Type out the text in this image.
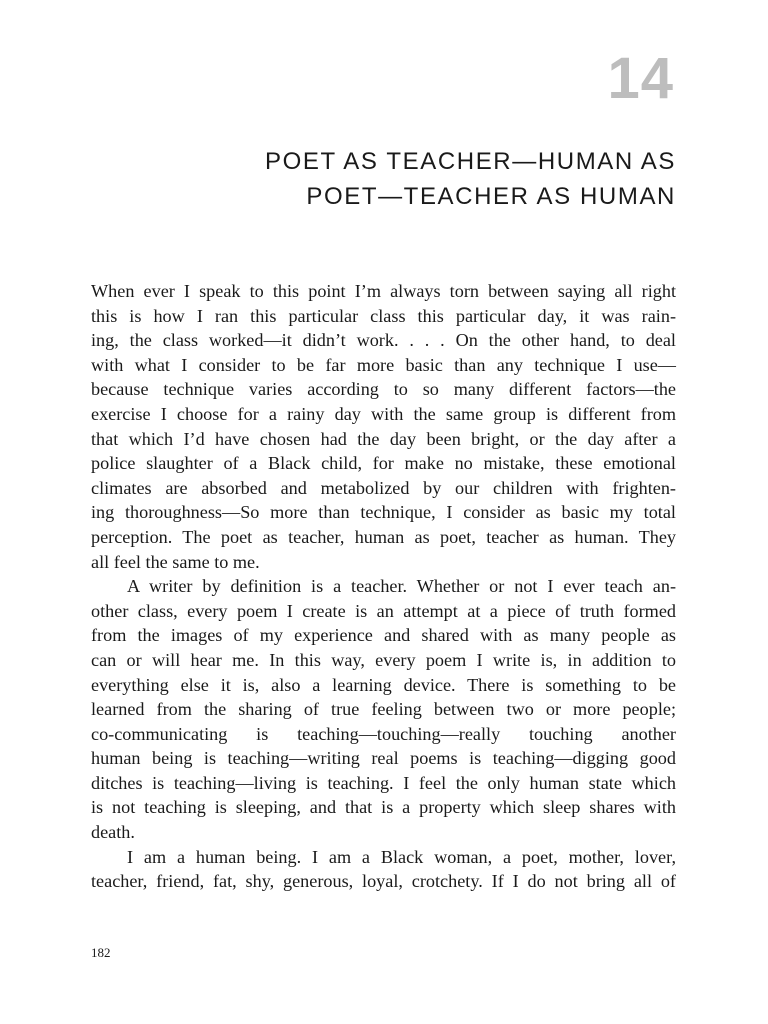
14
POET AS TEACHER—HUMAN AS
POET—TEACHER AS HUMAN
When ever I speak to this point I’m always torn between saying all right
this is how I ran this particular class this particular day, it was rain-
ing, the class worked—it didn’t work. . . . On the other hand, to deal
with what I consider to be far more basic than any technique I use—
because technique varies according to so many different factors—the
exercise I choose for a rainy day with the same group is different from
that which I’d have chosen had the day been bright, or the day after a
police slaughter of a Black child, for make no mistake, these emotional
climates are absorbed and metabolized by our children with frighten-
ing thoroughness—So more than technique, I consider as basic my total
perception. The poet as teacher, human as poet, teacher as human. They
all feel the same to me.
A writer by definition is a teacher. Whether or not I ever teach an-
other class, every poem I create is an attempt at a piece of truth formed
from the images of my experience and shared with as many people as
can or will hear me. In this way, every poem I write is, in addition to
everything else it is, also a learning device. There is something to be
learned from the sharing of true feeling between two or more people;
co-communicating is teaching—touching—really touching another
human being is teaching—writing real poems is teaching—digging good
ditches is teaching—living is teaching. I feel the only human state which
is not teaching is sleeping, and that is a property which sleep shares with
death.
I am a human being. I am a Black woman, a poet, mother, lover,
teacher, friend, fat, shy, generous, loyal, crotchety. If I do not bring all of
182
